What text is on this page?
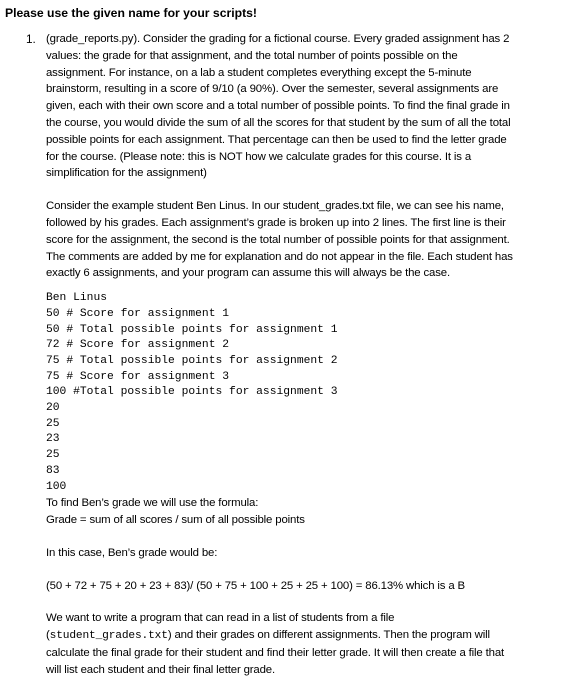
Please use the given name for your scripts!
1. (grade_reports.py). Consider the grading for a fictional course. Every graded assignment has 2
values: the grade for that assignment, and the total number of points possible on the
assignment. For instance, on a lab a student completes everything except the 5-minute
brainstorm, resulting in a score of 9/10 (a 90%). Over the semester, several assignments are
given, each with their own score and a total number of possible points. To find the final grade in
the course, you would divide the sum of all the scores for that student by the sum of all the total
possible points for each assignment. That percentage can then be used to find the letter grade
for the course. (Please note: this is NOT how we calculate grades for this course. It is a
simplification for the assignment)

Consider the example student Ben Linus. In our student_grades.txt file, we can see his name,
followed by his grades. Each assignment’s grade is broken up into 2 lines. The first line is their
score for the assignment, the second is the total number of possible points for that assignment.
The comments are added by me for explanation and do not appear in the file. Each student has
exactly 6 assignments, and your program can assume this will always be the case.

Ben Linus
50 # Score for assignment 1
50 # Total possible points for assignment 1
72 # Score for assignment 2
75 # Total possible points for assignment 2
75 # Score for assignment 3
100 #Total possible points for assignment 3
20
25
23
25
83
100

To find Ben’s grade we will use the formula:
Grade = sum of all scores / sum of all possible points

In this case, Ben’s grade would be:

(50 + 72 + 75 + 20 + 23 + 83)/ (50 + 75 + 100 + 25 + 25 + 100) = 86.13% which is a B

We want to write a program that can read in a list of students from a file
(student_grades.txt) and their grades on different assignments. Then the program will
calculate the final grade for their student and find their letter grade. It will then create a file that
will list each student and their final letter grade.
